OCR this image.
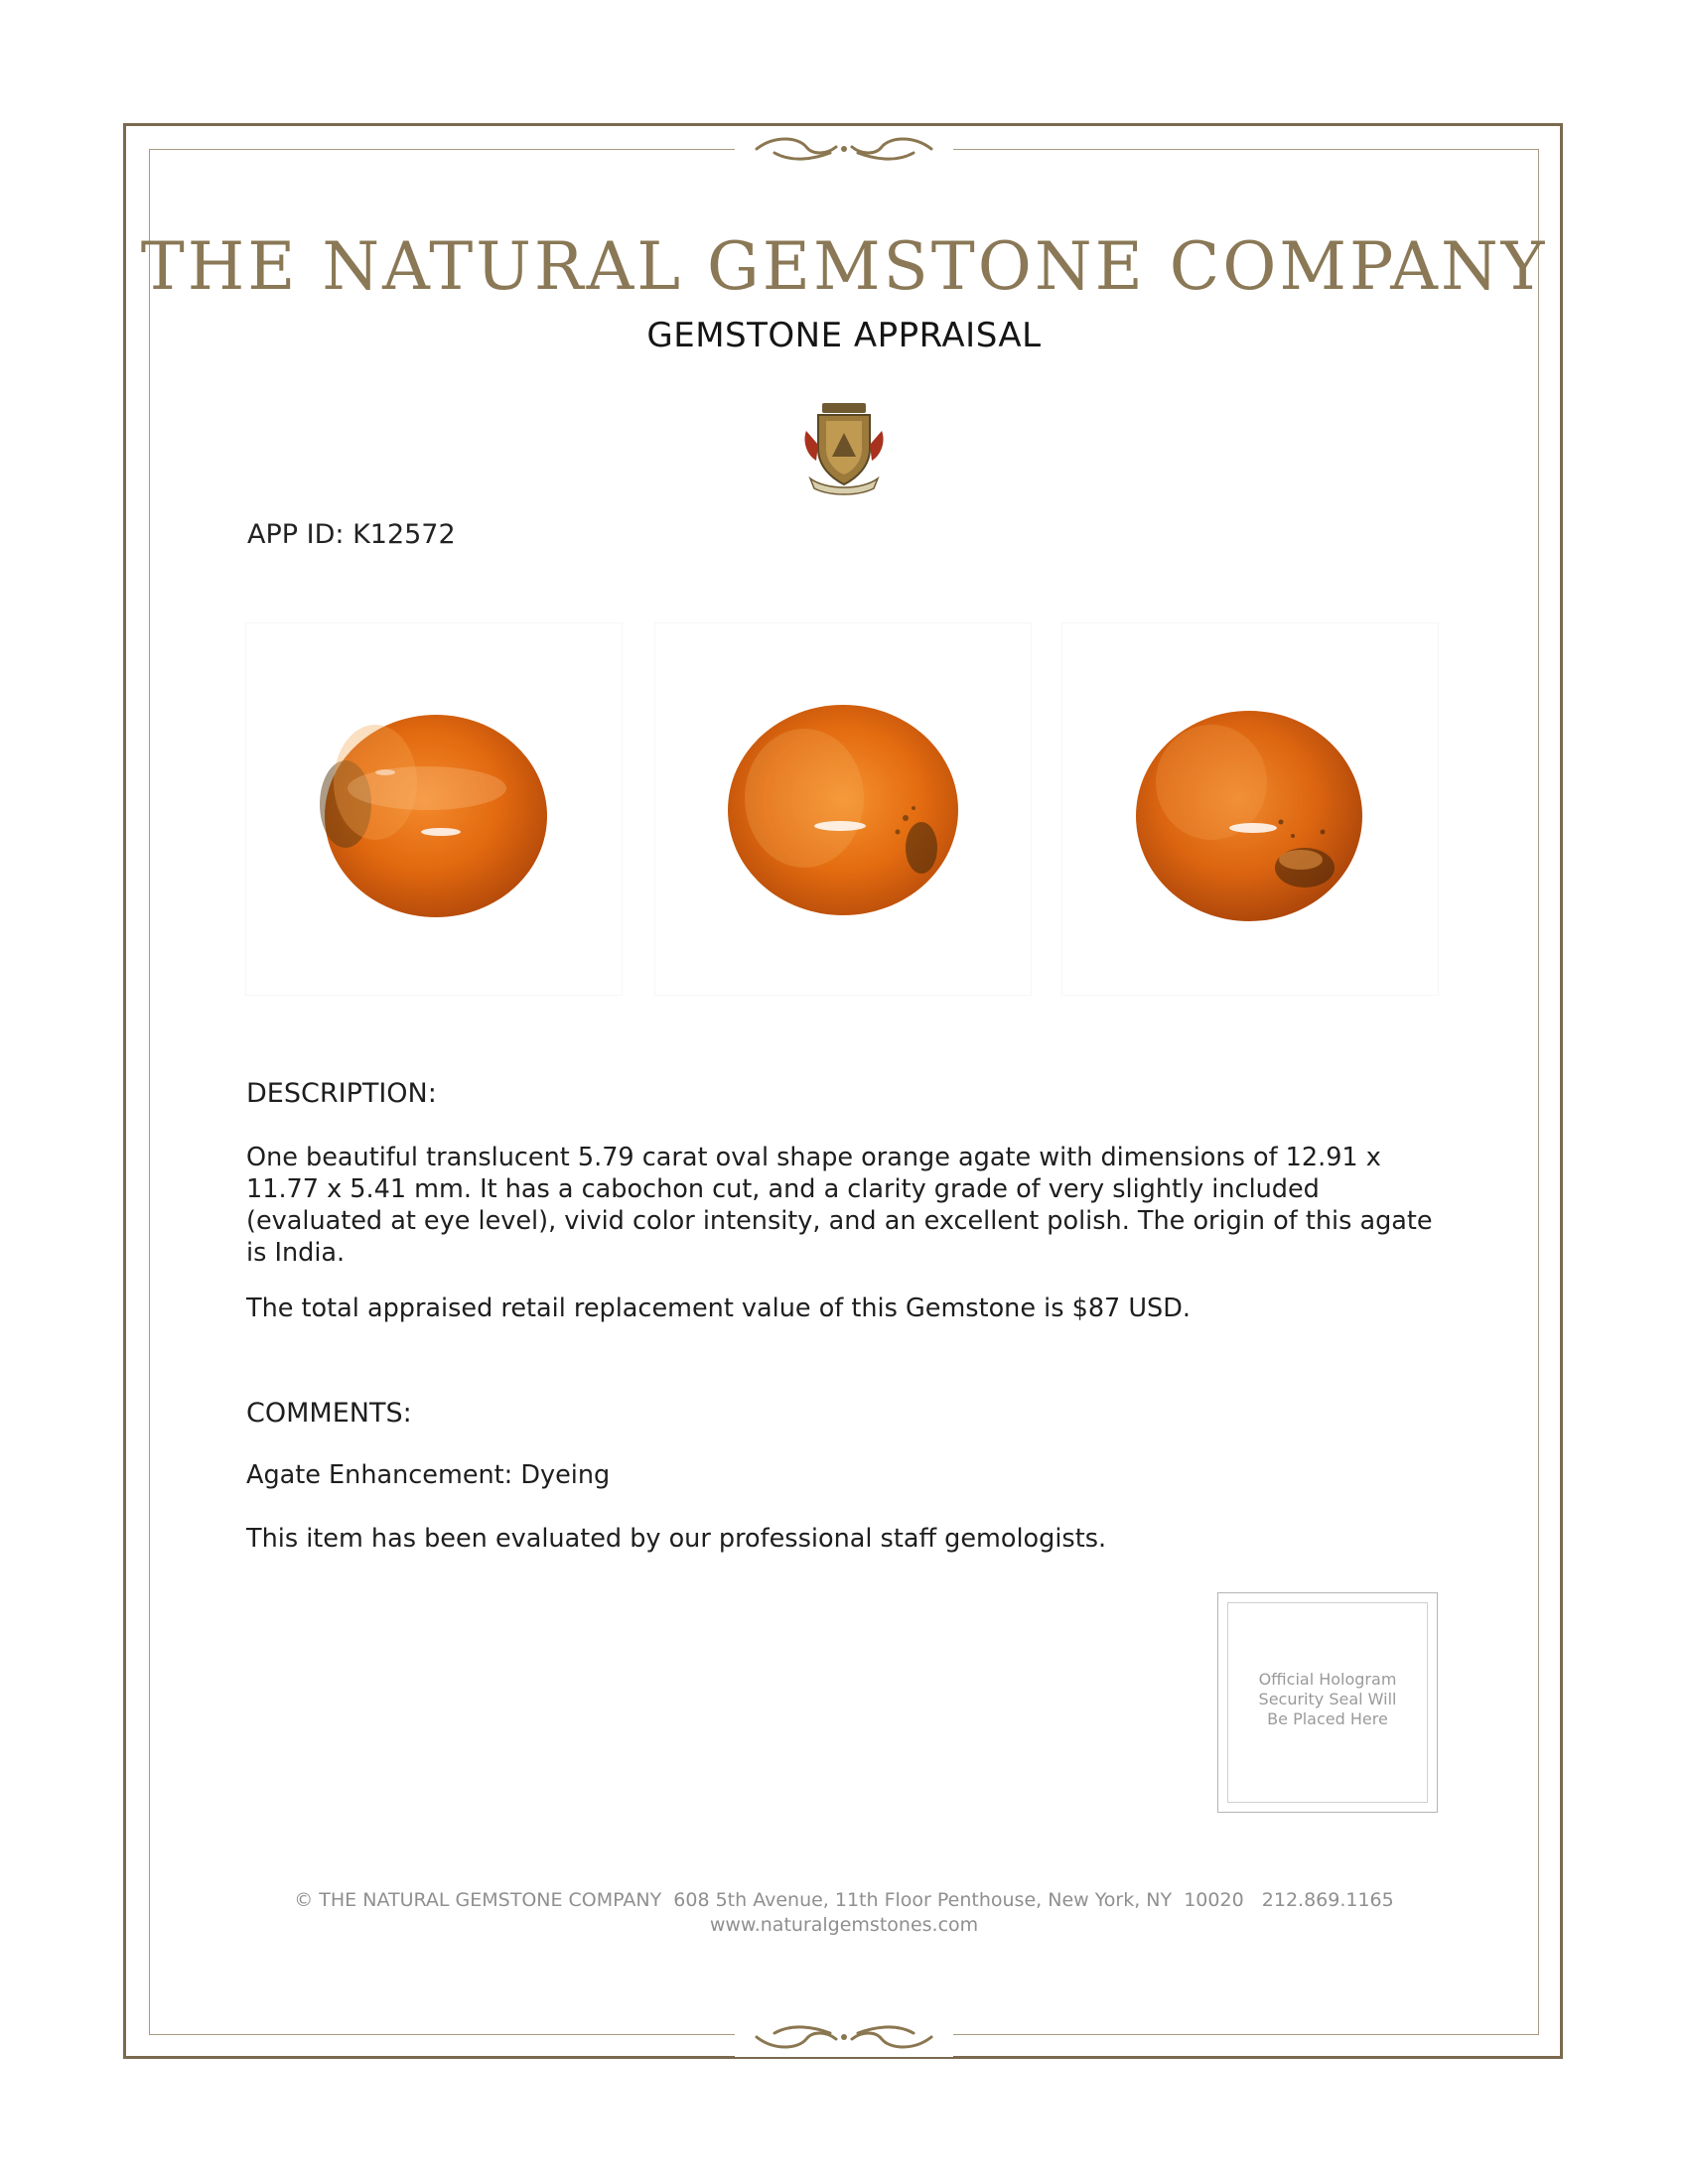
THE NATURAL GEMSTONE COMPANY
GEMSTONE APPRAISAL
APP ID: K12572
DESCRIPTION:
One beautiful translucent 5.79 carat oval shape orange agate with dimensions of 12.91 x 11.77 x 5.41 mm. It has a cabochon cut, and a clarity grade of very slightly included (evaluated at eye level), vivid color intensity, and an excellent polish. The origin of this agate is India.
The total appraised retail replacement value of this Gemstone is $87 USD.
COMMENTS:
Agate Enhancement: Dyeing
This item has been evaluated by our professional staff gemologists.
Official Hologram
Security Seal Will
Be Placed Here
© THE NATURAL GEMSTONE COMPANY  608 5th Avenue, 11th Floor Penthouse, New York, NY  10020   212.869.1165
www.naturalgemstones.com
